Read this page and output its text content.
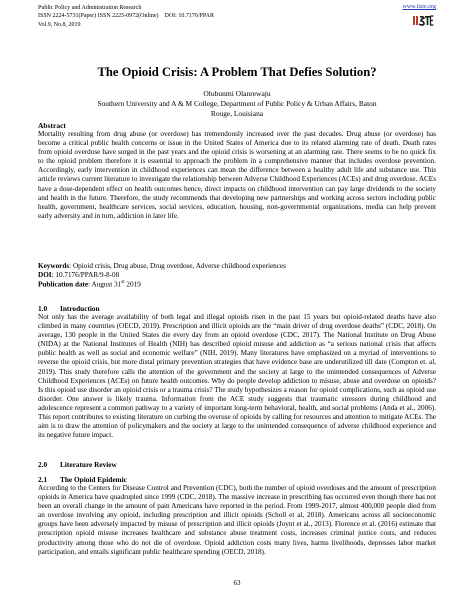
Public Policy and Administration Research
ISSN 2224-5731(Paper) ISSN 2225-0972(Online) DOI: 10.7176/PPAR
Vol.9, No.8, 2019
www.iiste.org
The Opioid Crisis: A Problem That Defies Solution?
Olubunmi Olanrewaju
Southern University and A & M College, Department of Public Policy & Urban Affairs, Baton Rouge, Louisiana
Abstract
Mortality resulting from drug abuse (or overdose) has tremendously increased over the past decades. Drug abuse (or overdose) has become a critical public health concerns or issue in the United States of America due to its related alarming rate of death. Death rates from opioid overdose have surged in the past years and the opioid crisis is worsening at an alarming rate. There seems to be no quick fix to the opioid problem therefore it is essential to approach the problem in a comprehensive manner that includes overdose prevention. Accordingly, early intervention in childhood experiences can mean the difference between a healthy adult life and substance use. This article reviews current literature to investigate the relationship between Adverse Childhood Experiences (ACEs) and drug overdose. ACEs have a dose-dependent effect on health outcomes hence, direct impacts on childhood intervention can pay large dividends to the society and health in the future. Therefore, the study recommends that developing new partnerships and working across sectors including public health, government, healthcare services, social services, education, housing, non-governmental organizations, media can help prevent early adversity and in turn, addiction in later life.
Keywords: Opioid crisis, Drug abuse, Drug overdose, Adverse childhood experiences
DOI: 10.7176/PPAR/9-8-08
Publication date: August 31st 2019
1.0 Introduction
Not only has the average availability of both legal and illegal opioids risen in the past 15 years but opioid-related deaths have also climbed in many countries (OECD, 2019). Prescription and illicit opioids are the “main driver of drug overdose deaths” (CDC, 2018). On average, 130 people in the United States die every day from an opioid overdose (CDC, 2017). The National Institute on Drug Abuse (NIDA) at the National Institutes of Health (NIH) has described opioid misuse and addiction as “a serious national crisis that affects public health as well as social and economic welfare” (NIH, 2019). Many literatures have emphasized on a myriad of interventions to reverse the opioid crisis, but more distal primary prevention strategies that have evidence base are underutilized till date (Compton et. al, 2019). This study therefore calls the attention of the government and the society at large to the unintended consequences of Adverse Childhood Experiences (ACEs) on future health outcomes. Why do people develop addiction to misuse, abuse and overdose on opioids? Is this opioid use disorder an opioid crisis or a trauma crisis? The study hypothesizes a reason for opioid complications, such as opioid use disorder. One answer is likely trauma. Information from the ACE study suggests that traumatic stressors during childhood and adolescence represent a common pathway to a variety of important long-term behavioral, health, and social problems (Anda et al., 2006). This report contributes to existing literature on curbing the overuse of opioids by calling for resources and attention to mitigate ACEs. The aim is to draw the attention of policymakers and the society at large to the unintended consequence of adverse childhood experience and its negative future impact.
2.0 Literature Review
2.1 The Opioid Epidemic
According to the Centers for Disease Control and Prevention (CDC), both the number of opioid overdoses and the amount of prescription opioids in America have quadrupled since 1999 (CDC, 2018). The massive increase in prescribing has occurred even though there has not been an overall change in the amount of pain Americans have reported in the period. From 1999-2017, almost 400,000 people died from an overdose involving any opioid, including prescription and illicit opioids (Scholl et al, 2018). Americans across all socioeconomic groups have been adversely impacted by misuse of prescription and illicit opioids (Joynt et al., 2013). Florence et al. (2016) estimate that prescription opioid misuse increases healthcare and substance abuse treatment costs, increases criminal justice costs, and reduces productivity among those who do not die of overdose. Opioid addiction costs many lives, harms livelihoods, depresses labor market participation, and entails significant public healthcare spending (OECD, 2018).
63
